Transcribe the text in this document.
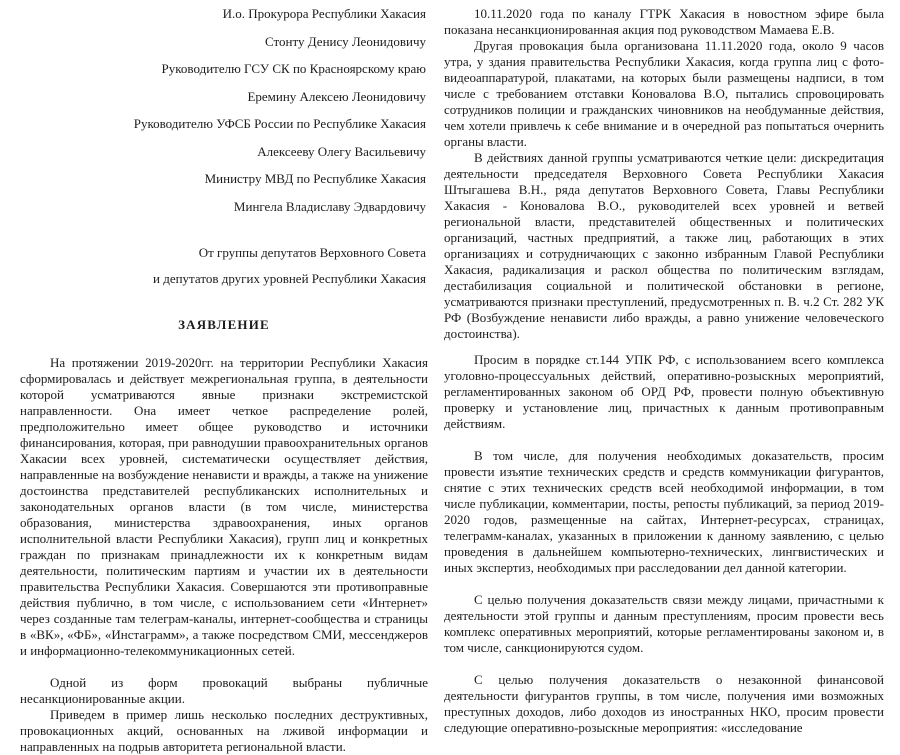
И.о. Прокурора Республики Хакасия
Стонту Денису Леонидовичу
Руководителю ГСУ СК по Красноярскому краю
Еремину Алексею Леонидовичу
Руководителю УФСБ России по Республике Хакасия
Алексееву Олегу Васильевичу
Министру МВД по Республике Хакасия
Мингела Владиславу Эдвардовичу
От группы депутатов Верховного Совета
и депутатов других уровней Республики Хакасия
ЗАЯВЛЕНИЕ

На протяжении 2019-2020гг. на территории Республики Хакасия сформировалась и действует межрегиональная группа, в деятельности которой усматриваются явные признаки экстремистской направленности. Она имеет четкое распределение ролей, предположительно имеет общее руководство и источники финансирования, которая, при равнодушии правоохранительных органов Хакасии всех уровней, систематически осуществляет действия, направленные на возбуждение ненависти и вражды, а также на унижение достоинства представителей республиканских исполнительных и законодательных органов власти (в том числе, министерства образования, министерства здравоохранения, иных органов исполнительной власти Республики Хакасия), групп лиц и конкретных граждан по признакам принадлежности их к конкретным видам деятельности, политическим партиям и участии их в деятельности правительства Республики Хакасия. Совершаются эти противоправные действия публично, в том числе, с использованием сети «Интернет» через созданные там телеграм-каналы, интернет-сообщества и страницы в «ВК», «ФБ», «Инстаграмм», а также посредством СМИ, мессенджеров и информационно-телекоммуникационных сетей.

Одной из форм провокаций выбраны публичные несанкционированные акции.

Приведем в пример лишь несколько последних деструктивных, провокационных акций, основанных на лживой информации и направленных на подрыв авторитета региональной власти.

10.11.2020 года по каналу ГТРК Хакасия в новостном эфире была показана несанкционированная акция под руководством Мамаева Е.В.

Другая провокация была организована 11.11.2020 года, около 9 часов утра, у здания правительства Республики Хакасия, когда группа лиц с фото-видеоаппаратурой, плакатами, на которых были размещены надписи, в том числе с требованием отставки Коновалова В.О, пытались спровоцировать сотрудников полиции и гражданских чиновников на необдуманные действия, чем хотели привлечь к себе внимание и в очередной раз попытаться очернить органы власти.

В действиях данной группы усматриваются четкие цели: дискредитация деятельности председателя Верховного Совета Республики Хакасия Штыгашева В.Н., ряда депутатов Верховного Совета, Главы Республики Хакасия - Коновалова В.О., руководителей всех уровней и ветвей региональной власти, представителей общественных и политических организаций, частных предприятий, а также лиц, работающих в этих организациях и сотрудничающих с законно избранным Главой Республики Хакасия, радикализация и раскол общества по политическим взглядам, дестабилизация социальной и политической обстановки в регионе, усматриваются признаки преступлений, предусмотренных п. В. ч.2 Ст. 282 УК РФ (Возбуждение ненависти либо вражды, а равно унижение человеческого достоинства).

Просим в порядке ст.144 УПК РФ, с использованием всего комплекса уголовно-процессуальных действий, оперативно-розыскных мероприятий, регламентированных законом об ОРД РФ, провести полную объективную проверку и установление лиц, причастных к данным противоправным действиям.

В том числе, для получения необходимых доказательств, просим провести изъятие технических средств и средств коммуникации фигурантов, снятие с этих технических средств всей необходимой информации, в том числе публикации, комментарии, посты, репосты публикаций, за период 2019-2020 годов, размещенные на сайтах, Интернет-ресурсах, страницах, телеграмм-каналах, указанных в приложении к данному заявлению, с целью проведения в дальнейшем компьютерно-технических, лингвистических и иных экспертиз, необходимых при расследовании дел данной категории.

С целью получения доказательств связи между лицами, причастными к деятельности этой группы и данным преступлениям, просим провести весь комплекс оперативных мероприятий, которые регламентированы законом и, в том числе, санкционируются судом.

С целью получения доказательств о незаконной финансовой деятельности фигурантов группы, в том числе, получения ими возможных преступных доходов, либо доходов из иностранных НКО, просим провести следующие оперативно-розыскные мероприятия: «исследование
